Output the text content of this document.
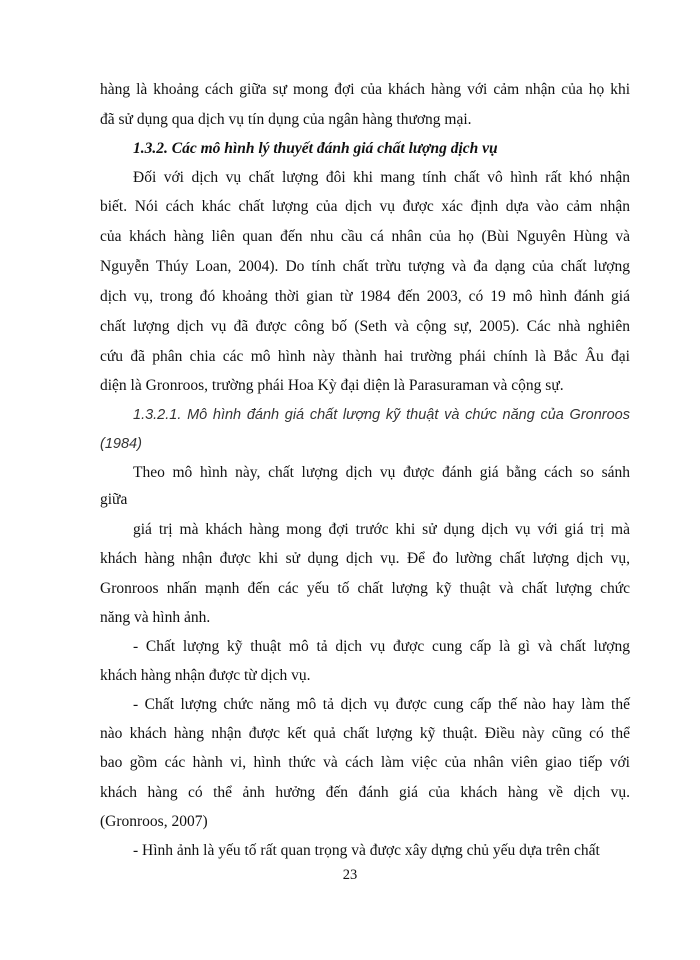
hàng là khoảng cách giữa sự mong đợi của khách hàng với cảm nhận của họ khi
đã sử dụng qua dịch vụ tín dụng của ngân hàng thương mại.
1.3.2. Các mô hình lý thuyết đánh giá chất lượng dịch vụ
Đối với dịch vụ chất lượng đôi khi mang tính chất vô hình rất khó nhận
biết. Nói cách khác chất lượng của dịch vụ được xác định dựa vào cảm nhận
của khách hàng liên quan đến nhu cầu cá nhân của họ (Bùi Nguyên Hùng và
Nguyễn Thúy Loan, 2004). Do tính chất trừu tượng và đa dạng của chất lượng
dịch vụ, trong đó khoảng thời gian từ 1984 đến 2003, có 19 mô hình đánh giá
chất lượng dịch vụ đã được công bố (Seth và cộng sự, 2005). Các nhà nghiên
cứu đã phân chia các mô hình này thành hai trường phái chính là Bắc Âu đại
diện là Gronroos, trường phái Hoa Kỳ đại diện là Parasuraman và cộng sự.
1.3.2.1. Mô hình đánh giá chất lượng kỹ thuật và chức năng của Gronroos
(1984)
Theo mô hình này, chất lượng dịch vụ được đánh giá bằng cách so sánh
giữa
giá trị mà khách hàng mong đợi trước khi sử dụng dịch vụ với giá trị mà
khách hàng nhận được khi sử dụng dịch vụ. Để đo lường chất lượng dịch vụ,
Gronroos nhấn mạnh đến các yếu tố chất lượng kỹ thuật và chất lượng chức
năng và hình ảnh.
- Chất lượng kỹ thuật mô tả dịch vụ được cung cấp là gì và chất lượng
khách hàng nhận được từ dịch vụ.
- Chất lượng chức năng mô tả dịch vụ được cung cấp thế nào hay làm thế
nào khách hàng nhận được kết quả chất lượng kỹ thuật. Điều này cũng có thể
bao gồm các hành vi, hình thức và cách làm việc của nhân viên giao tiếp với
khách hàng có thể ảnh hưởng đến đánh giá của khách hàng về dịch vụ.
(Gronroos, 2007)
- Hình ảnh là yếu tố rất quan trọng và được xây dựng chủ yếu dựa trên chất
23
